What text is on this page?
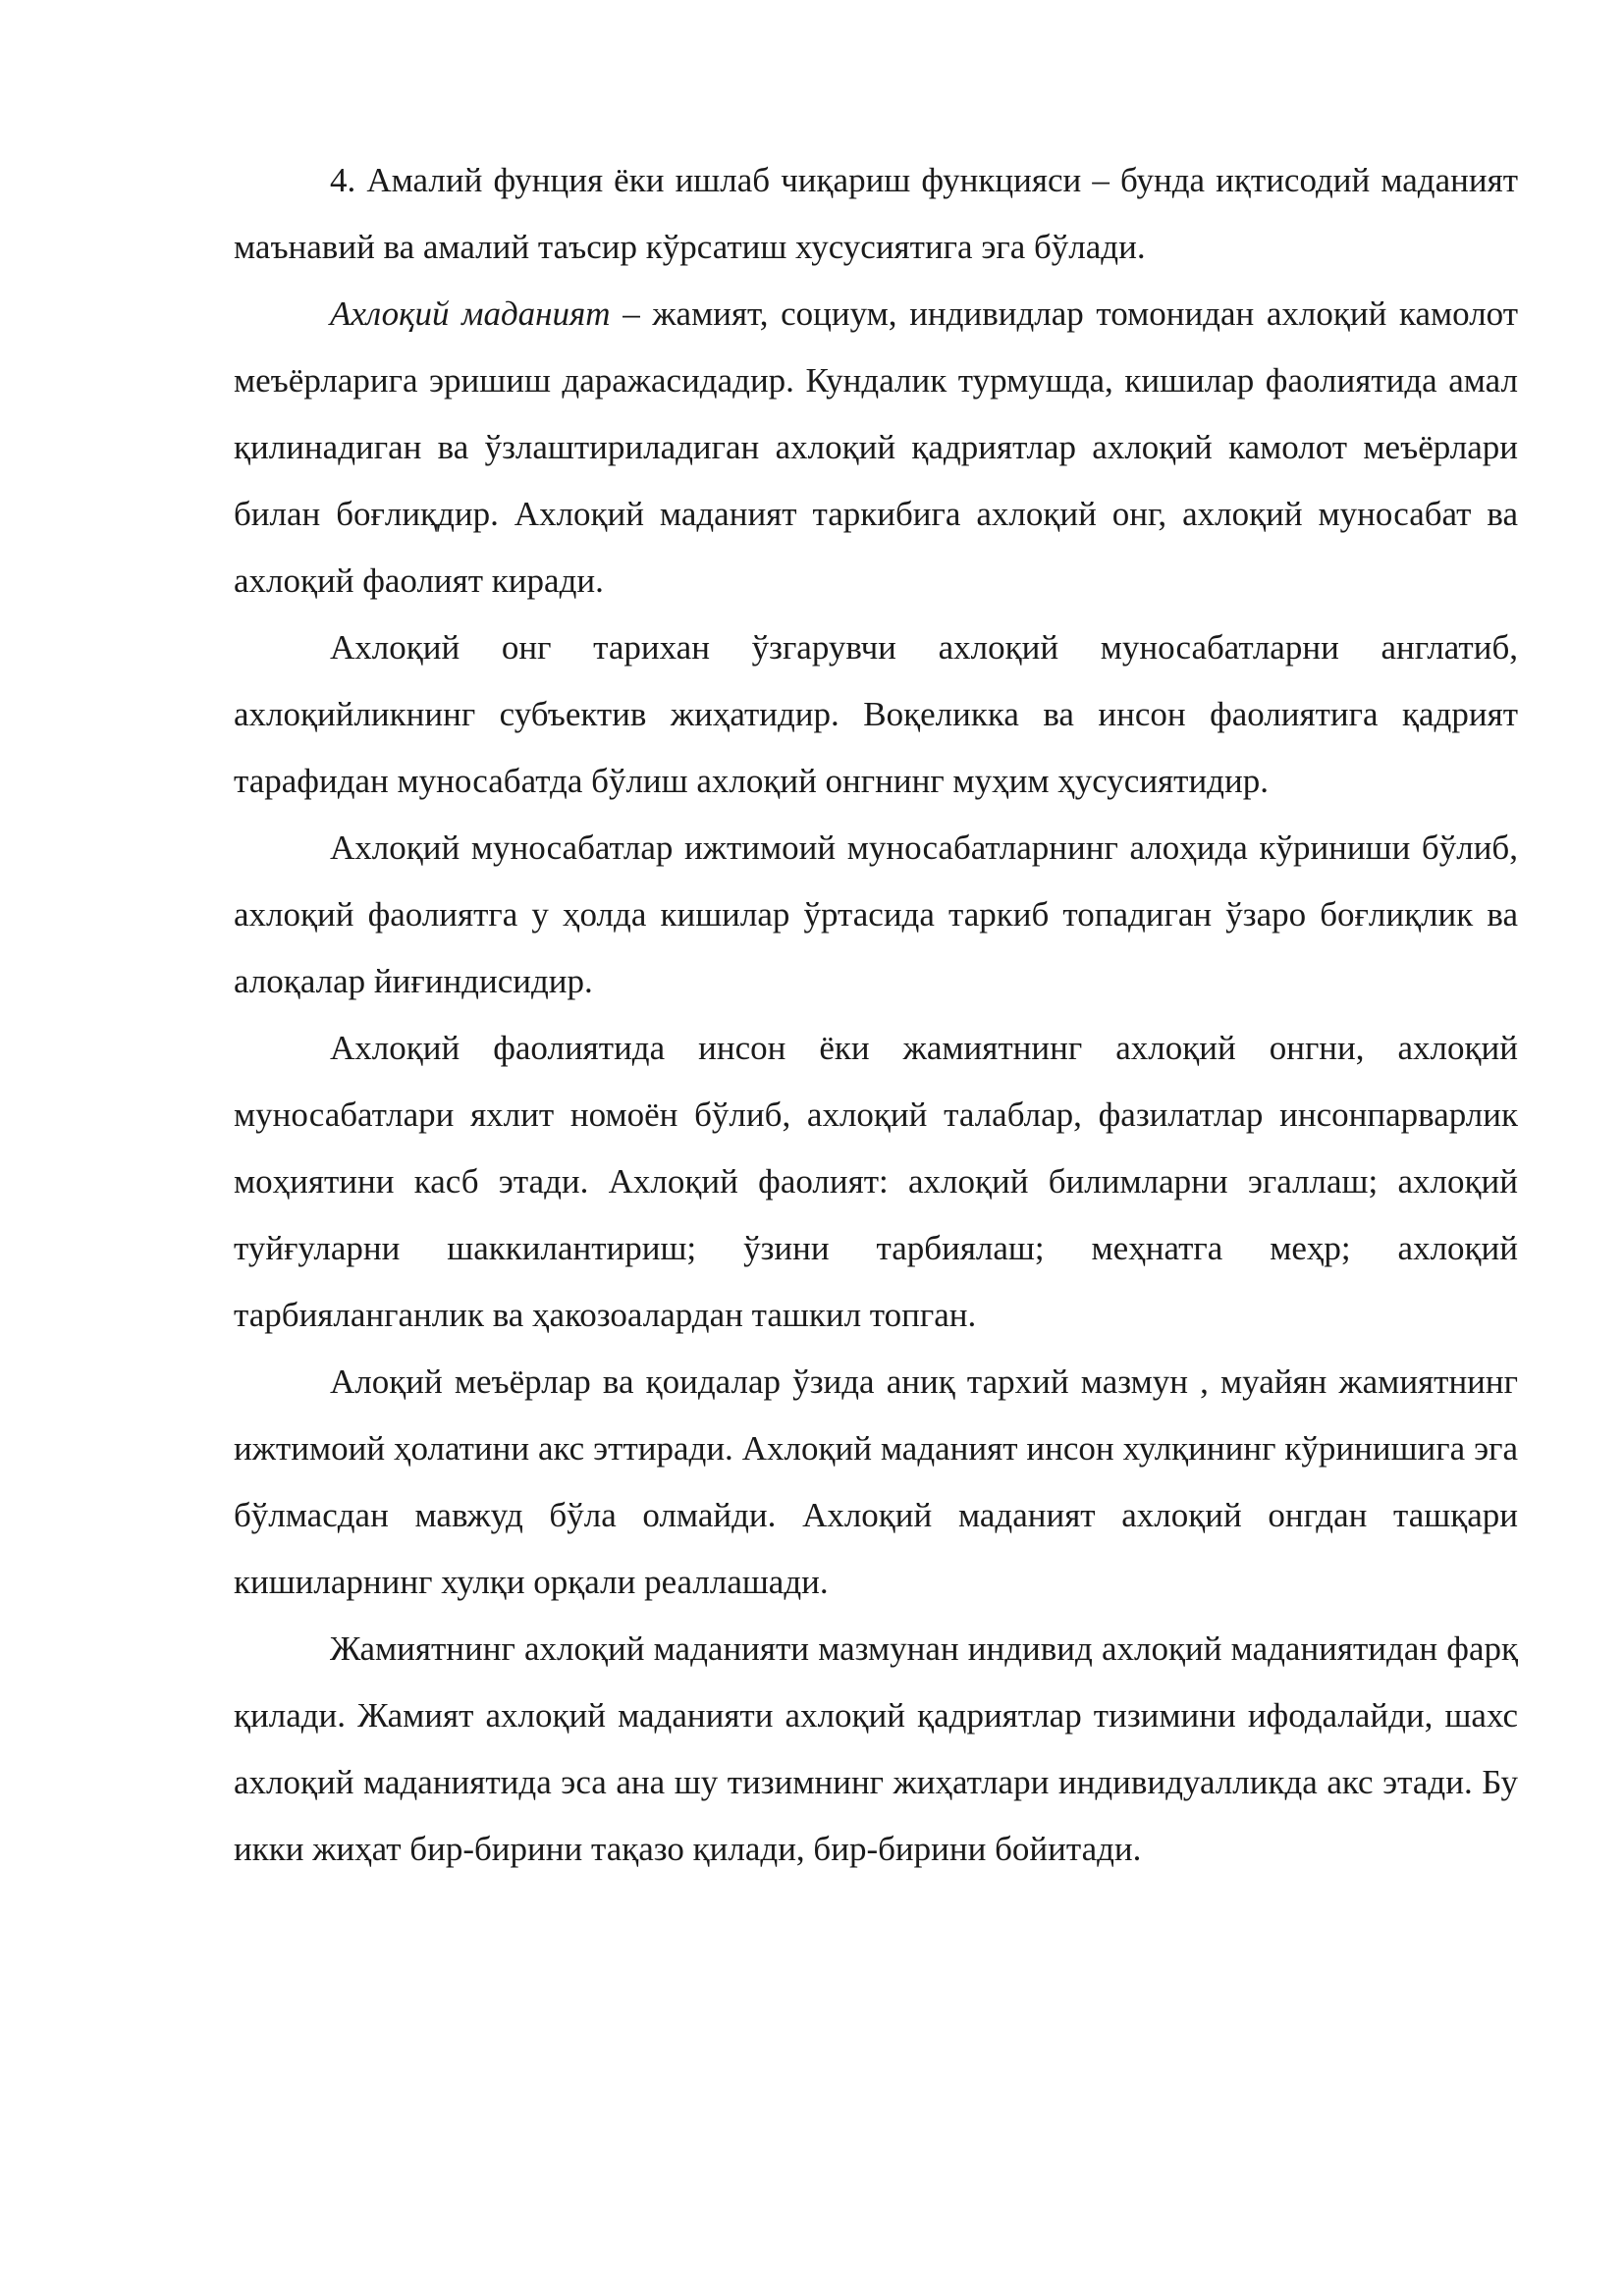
4. Амалий фунция ёки ишлаб чиқариш функцияси – бунда иқтисодий маданият маънавий ва амалий таъсир кўрсатиш хусусиятига эга бўлади.

Ахлоқий маданият – жамият, социум, индивидлар томонидан ахлоқий камолот меъёрларига эришиш даражасидадир. Кундалик турмушда, кишилар фаолиятида амал қилинадиган ва ўзлаштириладиган ахлоқий қадриятлар ахлоқий камолот меъёрлари билан боғлиқдир. Ахлоқий маданият таркибига ахлоқий онг, ахлоқий муносабат ва ахлоқий фаолият киради.

Ахлоқий онг тарихан ўзгарувчи ахлоқий муносабатларни англатиб, ахлоқийликнинг субъектив жиҳатидир. Воқеликка ва инсон фаолиятига қадрият тарафидан муносабатда бўлиш ахлоқий онгнинг муҳим ҳусусиятидир.

Ахлоқий муносабатлар ижтимоий муносабатларнинг алоҳида кўриниши бўлиб, ахлоқий фаолиятга у ҳолда кишилар ўртасида таркиб топадиган ўзаро боғлиқлик ва алоқалар йиғиндисидир.

Ахлоқий фаолиятида инсон ёки жамиятнинг ахлоқий онгни, ахлоқий муносабатлари яхлит номоён бўлиб, ахлоқий талаблар, фазилатлар инсонпарварлик моҳиятини касб этади. Ахлоқий фаолият: ахлоқий билимларни эгаллаш; ахлоқий туйғуларни шаккилантириш; ўзини тарбиялаш; меҳнатга меҳр; ахлоқий тарбияланганлик ва ҳакозоалардан ташкил топган.

Алоқий меъёрлар ва қоидалар ўзида аниқ тархий мазмун , муайян жамиятнинг ижтимоий ҳолатини акс эттиради. Ахлоқий маданият инсон хулқининг кўринишига эга бўлмасдан мавжуд бўла олмайди. Ахлоқий маданият ахлоқий онгдан ташқари кишиларнинг хулқи орқали реаллашади.

Жамиятнинг ахлоқий маданияти мазмунан индивид ахлоқий маданиятидан фарқ қилади. Жамият ахлоқий маданияти ахлоқий қадриятлар тизимини ифодалайди, шахс ахлоқий маданиятида эса ана шу тизимнинг жиҳатлари индивидуалликда акс этади. Бу икки жиҳат бир-бирини тақазо қилади, бир-бирини бойитади.
